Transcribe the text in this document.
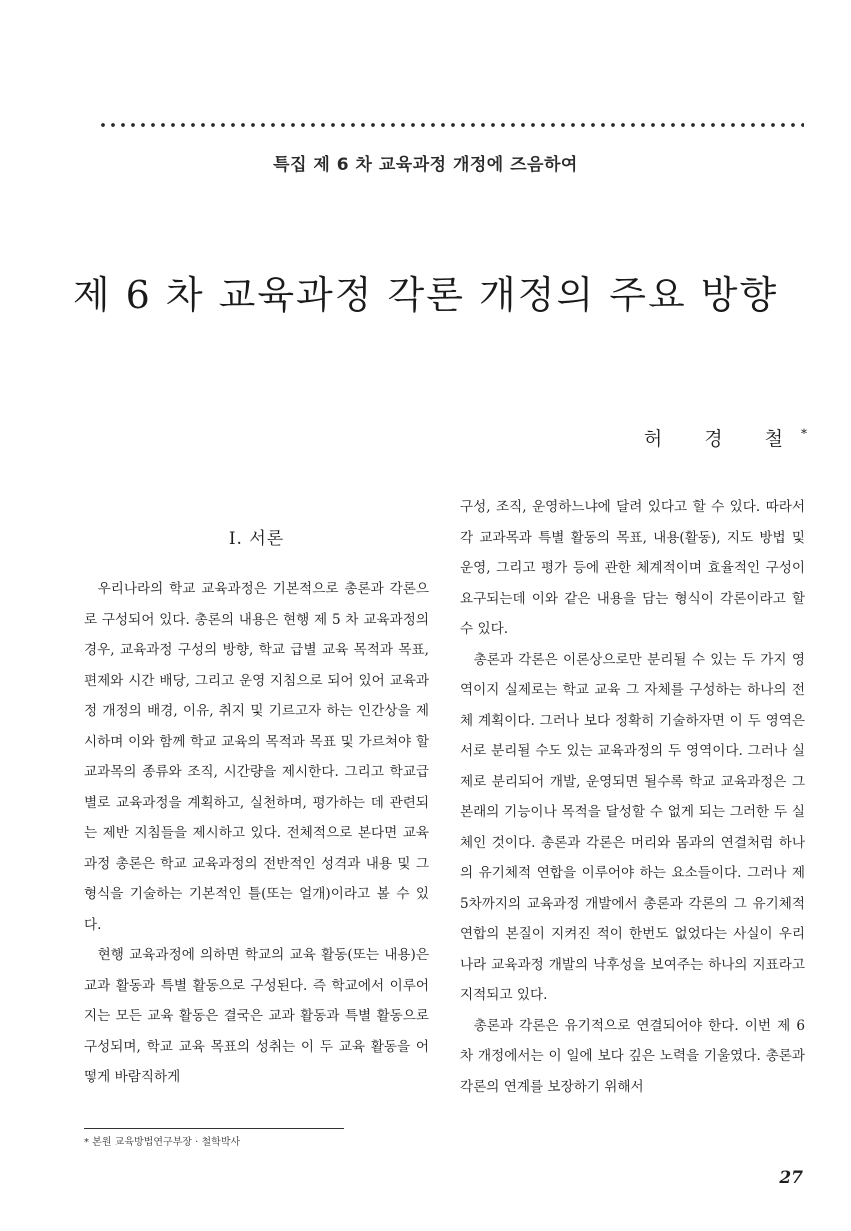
특집 제 6 차 교육과정 개정에 즈음하여
제 6 차 교육과정 각론 개정의 주요 방향
허 경 철*
I. 서론

우리나라의 학교 교육과정은 기본적으로 총론과 각론으로 구성되어 있다. 총론의 내용은 현행 제 5 차 교육과정의 경우, 교육과정 구성의 방향, 학교 급별 교육 목적과 목표, 편제와 시간 배당, 그리고 운영 지침으로 되어 있어 교육과정 개정의 배경, 이유, 취지 및 기르고자 하는 인간상을 제시하며 이와 함께 학교 교육의 목적과 목표 및 가르쳐야 할 교과목의 종류와 조직, 시간량을 제시한다. 그리고 학교급별로 교육과정을 계획하고, 실천하며, 평가하는 데 관련되는 제반 지침들을 제시하고 있다. 전체적으로 본다면 교육과정 총론은 학교 교육과정의 전반적인 성격과 내용 및 그 형식을 기술하는 기본적인 틀(또는 얼개)이라고 볼 수 있다.

현행 교육과정에 의하면 학교의 교육 활동(또는 내용)은 교과 활동과 특별 활동으로 구성된다. 즉 학교에서 이루어지는 모든 교육 활동은 결국은 교과 활동과 특별 활동으로 구성되며, 학교 교육 목표의 성취는 이 두 교육 활동을 어떻게 바람직하게

구성, 조직, 운영하느냐에 달려 있다고 할 수 있다. 따라서 각 교과목과 특별 활동의 목표, 내용(활동), 지도 방법 및 운영, 그리고 평가 등에 관한 체계적이며 효율적인 구성이 요구되는데 이와 같은 내용을 담는 형식이 각론이라고 할 수 있다.

총론과 각론은 이론상으로만 분리될 수 있는 두 가지 영역이지 실제로는 학교 교육 그 자체를 구성하는 하나의 전체 계획이다. 그러나 보다 정확히 기술하자면 이 두 영역은 서로 분리될 수도 있는 교육과정의 두 영역이다. 그러나 실제로 분리되어 개발, 운영되면 될수록 학교 교육과정은 그 본래의 기능이나 목적을 달성할 수 없게 되는 그러한 두 실체인 것이다. 총론과 각론은 머리와 몸과의 연결처럼 하나의 유기체적 연합을 이루어야 하는 요소들이다. 그러나 제 5차까지의 교육과정 개발에서 총론과 각론의 그 유기체적 연합의 본질이 지켜진 적이 한번도 없었다는 사실이 우리나라 교육과정 개발의 낙후성을 보여주는 하나의 지표라고 지적되고 있다.

총론과 각론은 유기적으로 연결되어야 한다. 이번 제 6차 개정에서는 이 일에 보다 깊은 노력을 기울였다. 총론과 각론의 연계를 보장하기 위해서

* 본원 교육방법연구부장 · 철학박사
27
